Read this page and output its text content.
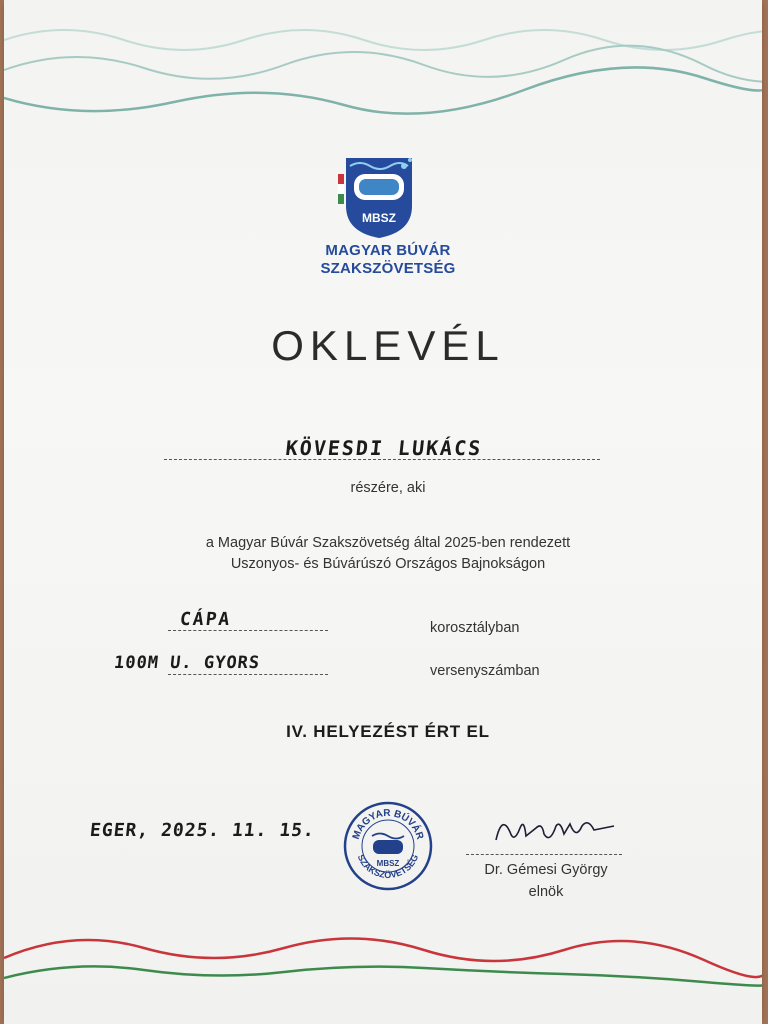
MBSZ
MAGYAR BÚVÁR
SZAKSZÖVETSÉG
OKLEVÉL
KÖVESDI LUKÁCS
részére, aki
a Magyar Búvár Szakszövetség által 2025-ben rendezett
Uszonyos- és Búvárúszó Országos Bajnokságon
CÁPA	korosztályban
100M U. GYORS	versenyszámban
IV. HELYEZÉST ÉRT EL
EGER, 2025. 11. 15.	MAGYAR BÚVÁR
SZAKSZÖVETSÉG
MBSZ	Dr. Gémesi György
elnök
